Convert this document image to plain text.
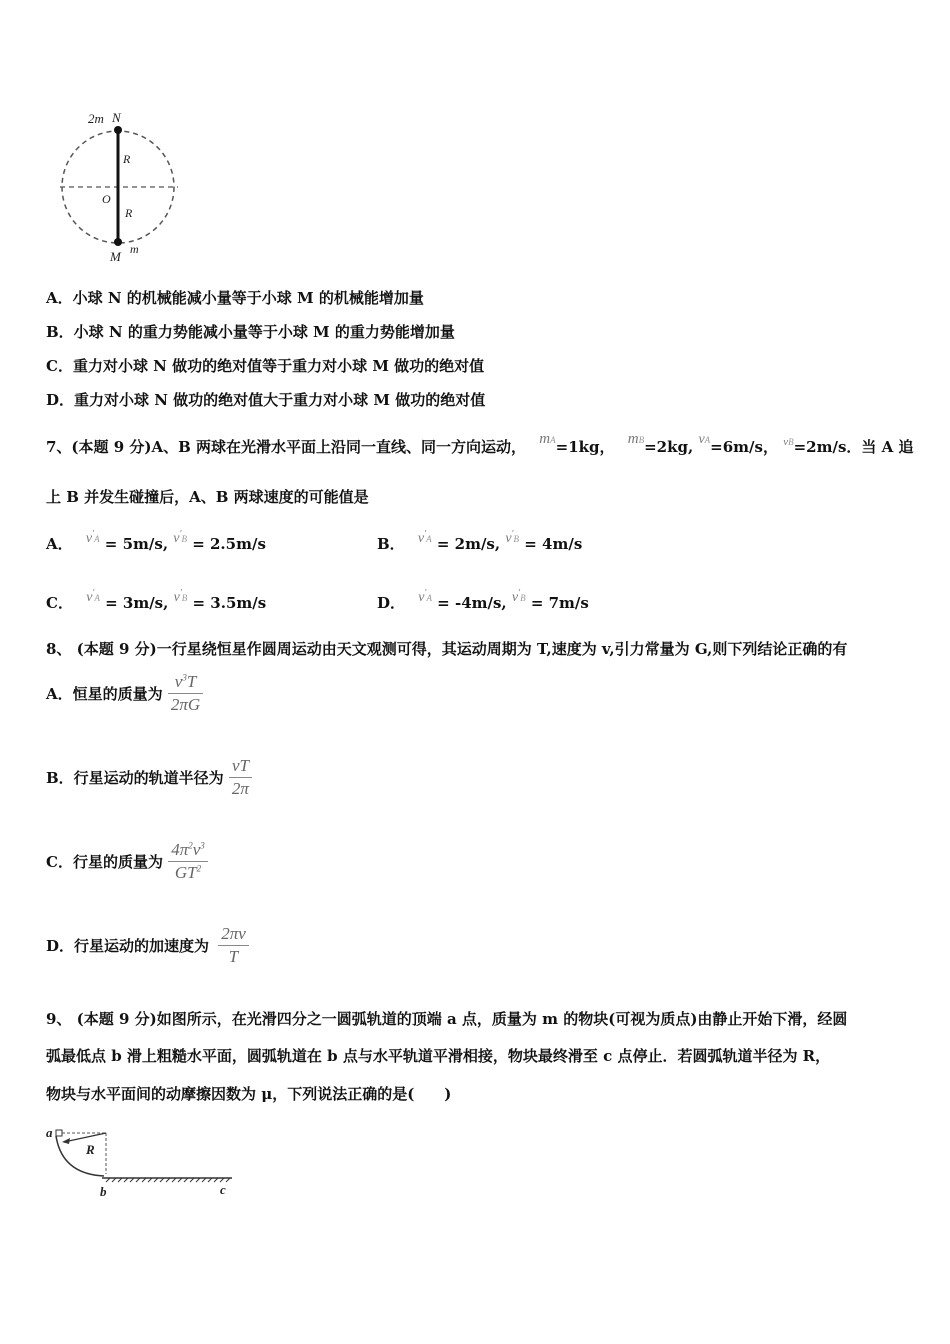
2m N
R
O
R
M m
A．小球 N 的机械能减小量等于小球 M 的机械能增加量
B．小球 N 的重力势能减小量等于小球 M 的重力势能增加量
C．重力对小球 N 做功的绝对值等于重力对小球 M 做功的绝对值
D．重力对小球 N 做功的绝对值大于重力对小球 M 做功的绝对值
7、(本题 9 分)A、B 两球在光滑水平面上沿同一直线、同一方向运动， mA=1kg， mB=2kg, vA=6m/s， $^{vB}$=2m/s．当 A 追
上 B 并发生碰撞后，A、B 两球速度的可能值是
A． v′A = 5m/s, v′B = 2.5m/s	B． v′A = 2m/s, v′B = 4m/s
C． v′A = 3m/s, v′B = 3.5m/s	D． v′A = -4m/s, v′B = 7m/s
8、 (本题 9 分)一行星绕恒星作圆周运动由天文观测可得，其运动周期为 T,速度为 v,引力常量为 G,则下列结论正确的有
A．恒星的质量为 $\frac{v^3T}{2\pi G}$
B．行星运动的轨道半径为 $\frac{vT}{2\pi}$
C．行星的质量为 $\frac{4\pi^2v^3}{GT^2}$
D．行星运动的加速度为 $\frac{2\pi v}{T}$
9、 (本题 9 分)如图所示，在光滑四分之一圆弧轨道的顶端 a 点，质量为 m 的物块(可视为质点)由静止开始下滑，经圆
弧最低点 b 滑上粗糙水平面，圆弧轨道在 b 点与水平轨道平滑相接，物块最终滑至 c 点停止．若圆弧轨道半径为 R，
物块与水平面间的动摩擦因数为 μ，下列说法正确的是(　　)
a
R
b	c
